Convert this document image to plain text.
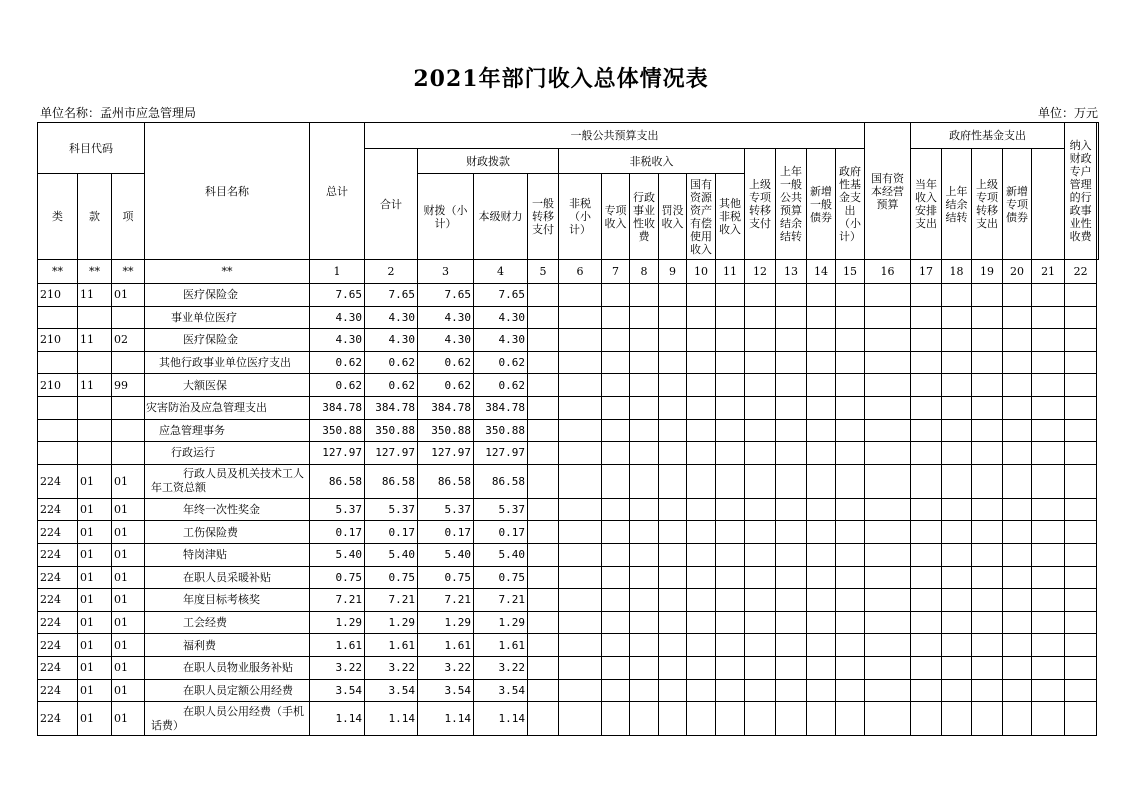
2021年部门收入总体情况表
单位名称：孟州市应急管理局	单位：万元
科目代码			科目名称	总计	一般公共预算支出														国有资本经营预算	政府性基金支出					纳入财政专户管理的行政事业性收费	
					合计	财政拨款			非税收入						上级专项转移支付	上年一般公共预算结余结转	新增一般债券	政府性基金支出（小计）		当年收入安排支出	上年结余结转	上级专项转移支出	新增专项债券			
类	款	项				财拨（小计）	本级财力	一般转移支付	非税（小计）	专项收入	行政事业性收费	罚没收入	国有资源资产有偿使用收入	其他非税收入												
**	**	**	**	1	2	3	4	5	6	7	8	9	10	11	12	13	14	15	16	17	18	19	20	21	22	
210	11	01	医疗保险金	7.65	7.65	7.65	7.65																			
			事业单位医疗	4.30	4.30	4.30	4.30																			
210	11	02	医疗保险金	4.30	4.30	4.30	4.30																			
			其他行政事业单位医疗支出	0.62	0.62	0.62	0.62																			
210	11	99	大额医保	0.62	0.62	0.62	0.62																			
			灾害防治及应急管理支出	384.78	384.78	384.78	384.78																			
			应急管理事务	350.88	350.88	350.88	350.88																			
			行政运行	127.97	127.97	127.97	127.97																			
224	01	01	行政人员及机关技术工人年工资总额	86.58	86.58	86.58	86.58																			
224	01	01	年终一次性奖金	5.37	5.37	5.37	5.37																			
224	01	01	工伤保险费	0.17	0.17	0.17	0.17																			
224	01	01	特岗津贴	5.40	5.40	5.40	5.40																			
224	01	01	在职人员采暖补贴	0.75	0.75	0.75	0.75																			
224	01	01	年度目标考核奖	7.21	7.21	7.21	7.21																			
224	01	01	工会经费	1.29	1.29	1.29	1.29																			
224	01	01	福利费	1.61	1.61	1.61	1.61																			
224	01	01	在职人员物业服务补贴	3.22	3.22	3.22	3.22																			
224	01	01	在职人员定额公用经费	3.54	3.54	3.54	3.54																			
224	01	01	在职人员公用经费（手机话费）	1.14	1.14	1.14	1.14																			
